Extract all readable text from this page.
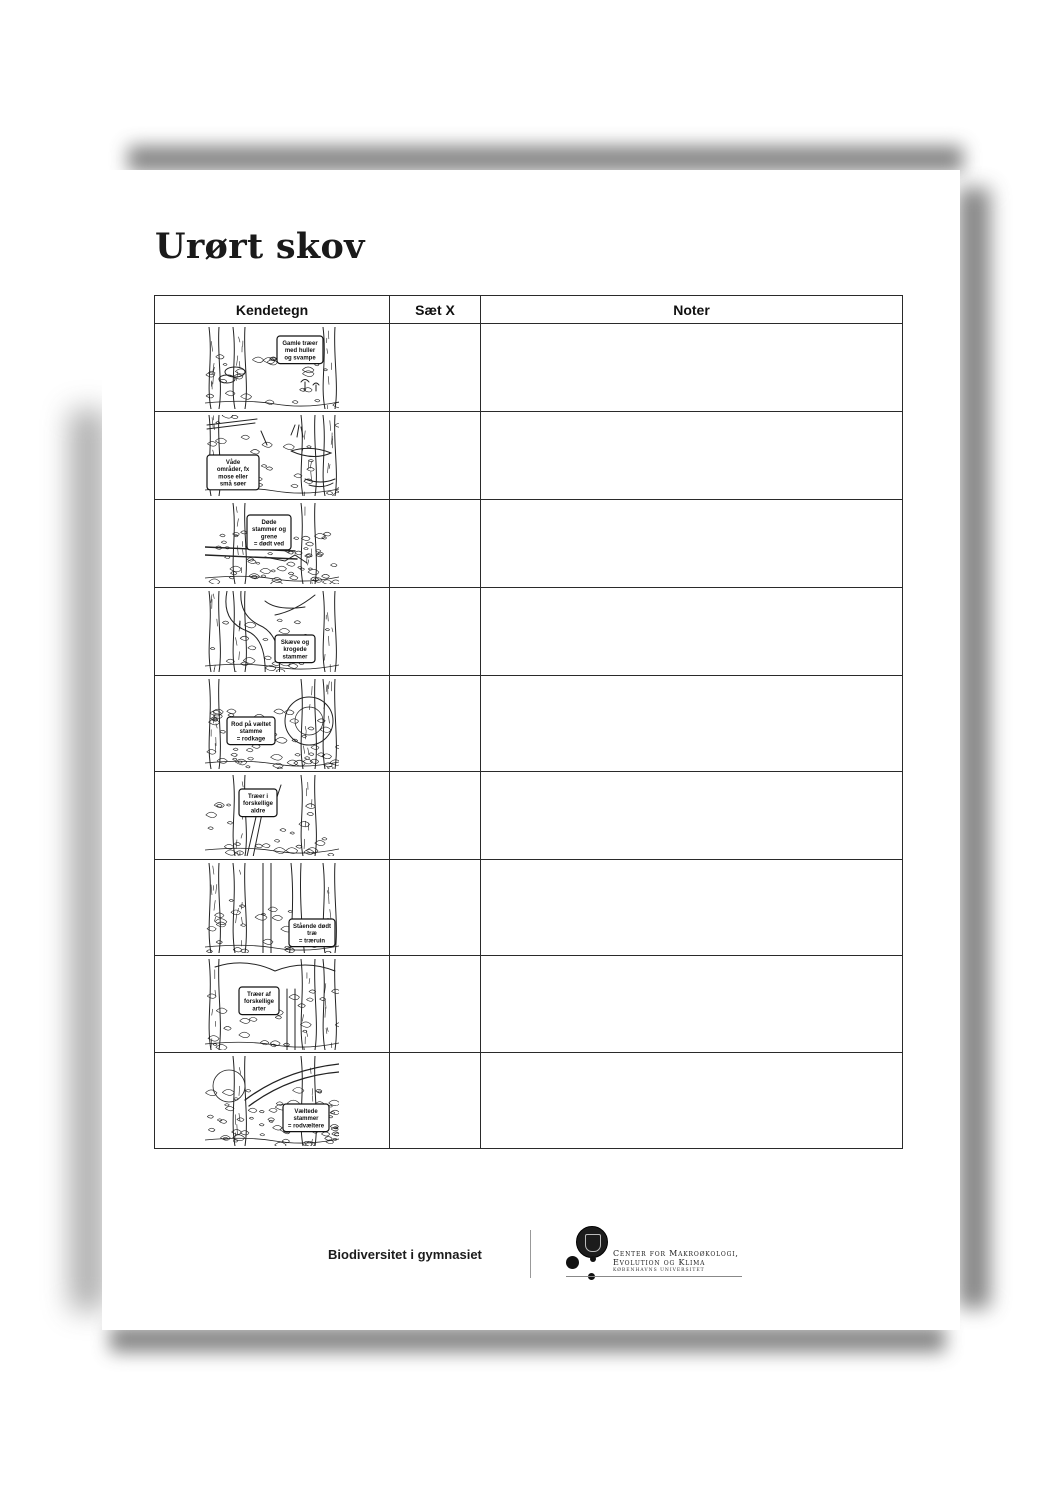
Urørt skov
Kendetegn	Sæt X	Noter

Gamle træer
med huller
og svampe		

Våde
områder, fx
mose eller
små søer		

Døde
stammer og
grene
= dødt ved		

Skæve og
krogede
stammer		

Rod på væltet
stamme
= rodkage		

Træer i
forskellige
aldre		

Stående dødt
træ
= træruin		

Træer af
forskellige
arter		

Væltede
stammer
= rodvæltere		

Biodiversitet i gymnasiet	Center for Makroøkologi,
Evolution og Klima
KØBENHAVNS UNIVERSITET
